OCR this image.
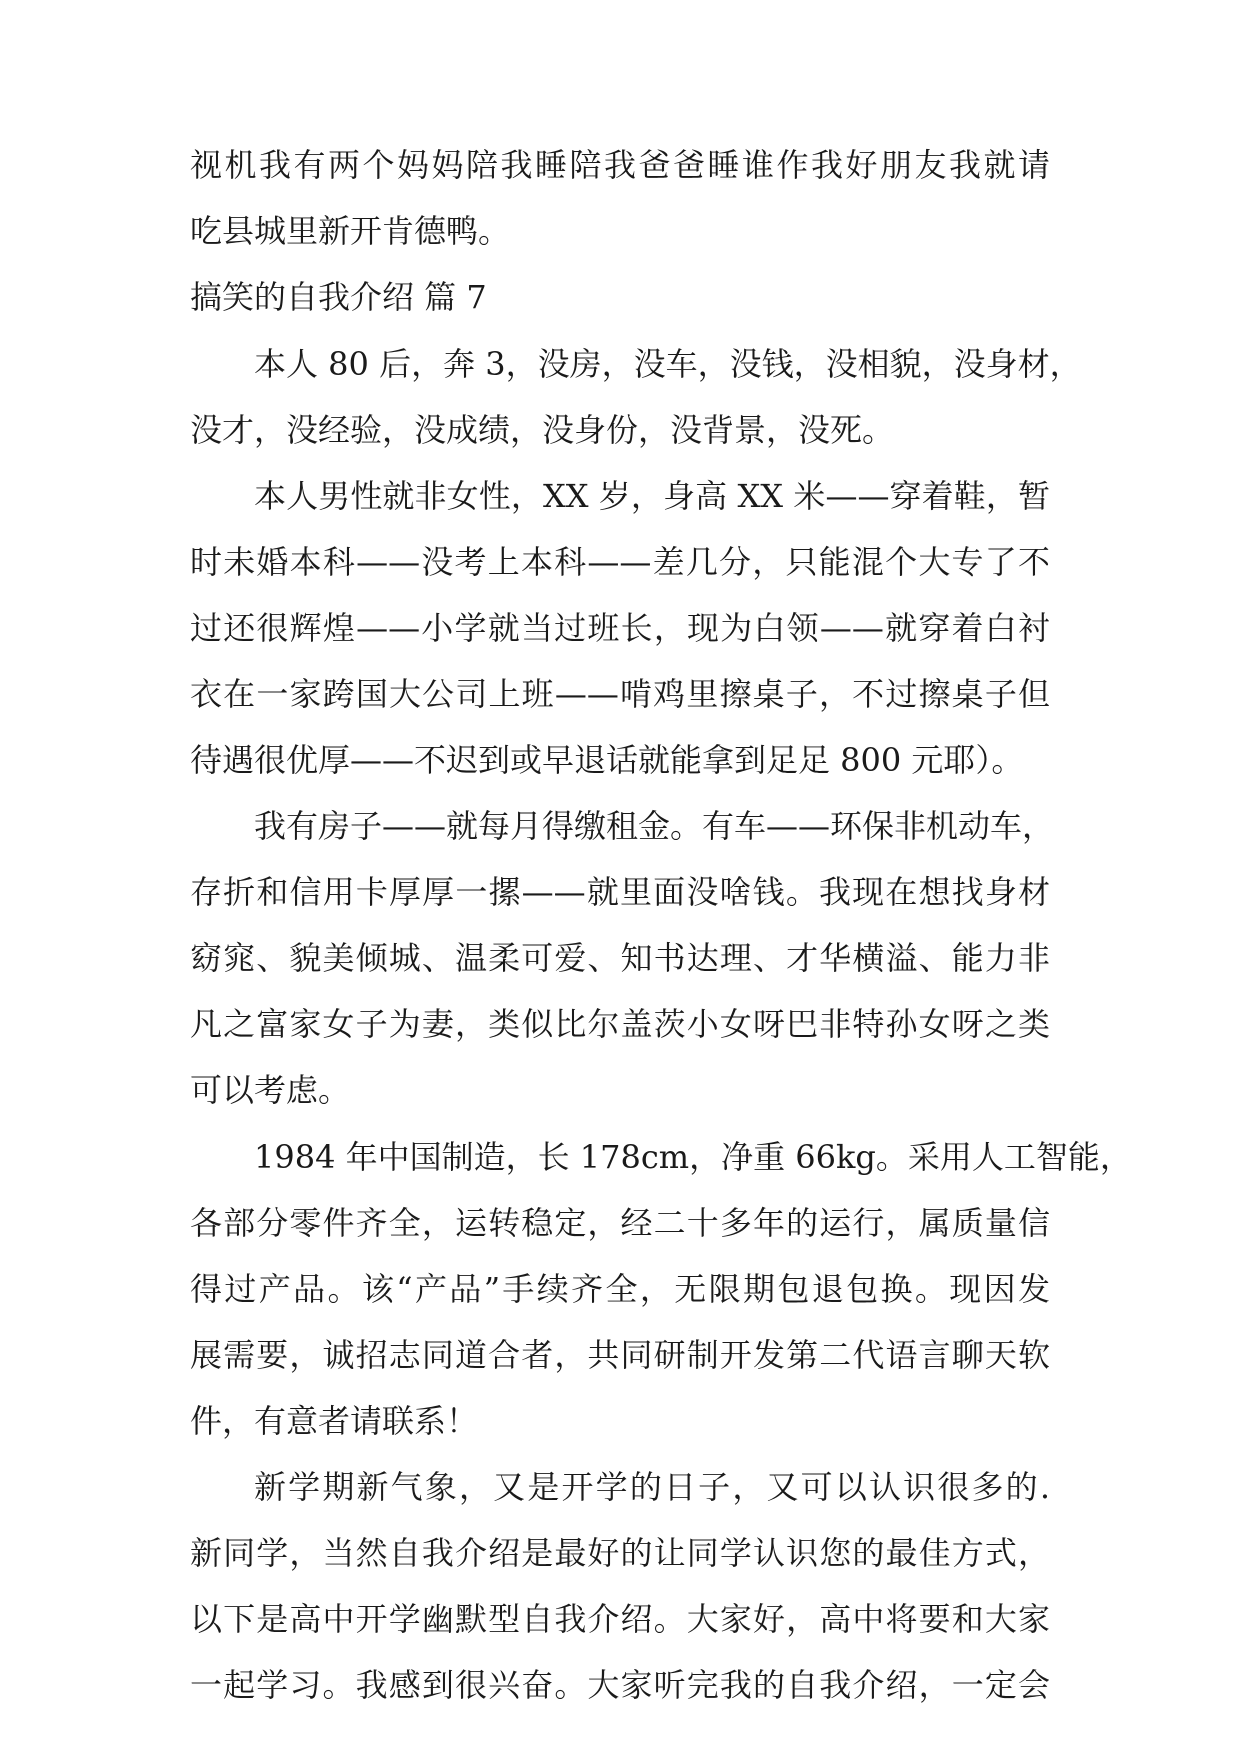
视机我有两个妈妈陪我睡陪我爸爸睡谁作我好朋友我就请
吃县城里新开肯德鸭。
搞笑的自我介绍 篇 7
本人 80 后，奔 3，没房，没车，没钱，没相貌，没身材，
没才，没经验，没成绩，没身份，没背景，没死。
本人男性就非女性，XX 岁，身高 XX 米——穿着鞋，暂
时未婚本科——没考上本科——差几分，只能混个大专了不
过还很辉煌——小学就当过班长，现为白领——就穿着白衬
衣在一家跨国大公司上班——啃鸡里擦桌子，不过擦桌子但
待遇很优厚——不迟到或早退话就能拿到足足 800 元耶）。
我有房子——就每月得缴租金。有车——环保非机动车，
存折和信用卡厚厚一摞——就里面没啥钱。我现在想找身材
窈窕、貌美倾城、温柔可爱、知书达理、才华横溢、能力非
凡之富家女子为妻，类似比尔盖茨小女呀巴非特孙女呀之类
可以考虑。
1984 年中国制造，长 178cm，净重 66kg。采用人工智能，
各部分零件齐全，运转稳定，经二十多年的运行，属质量信
得过产品。该“产品”手续齐全，无限期包退包换。现因发
展需要，诚招志同道合者，共同研制开发第二代语言聊天软
件，有意者请联系！
新学期新气象，又是开学的日子，又可以认识很多的.
新同学，当然自我介绍是最好的让同学认识您的最佳方式，
以下是高中开学幽默型自我介绍。大家好，高中将要和大家
一起学习。我感到很兴奋。大家听完我的自我介绍，一定会
